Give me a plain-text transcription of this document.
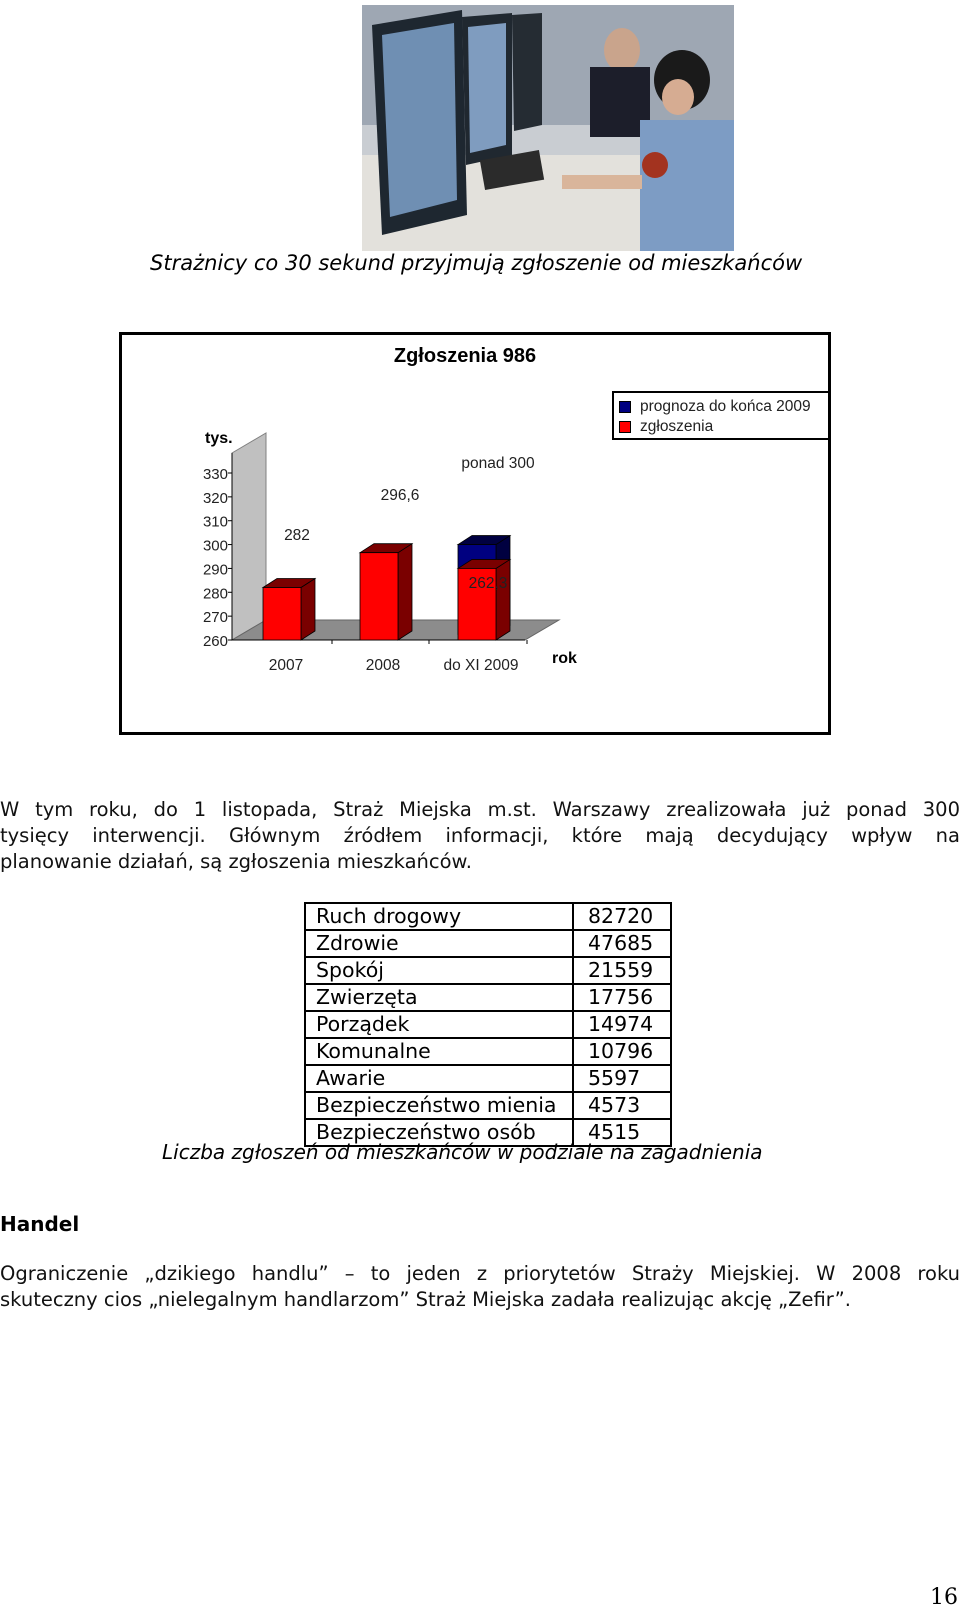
Strażnicy co 30 sekund przyjmują zgłoszenie od mieszkańców
260
270
280
290
300
310
320
330
tys.
Zgłoszenia 986
rok
2007	2008	do XI 2009
282
296,6
ponad 300
262,3
prognoza do końca 2009
zgłoszenia
W tym roku, do 1 listopada, Straż Miejska m.st. Warszawy zrealizowała już ponad 300
tysięcy interwencji. Głównym źródłem informacji, które mają decydujący wpływ na
planowanie działań, są zgłoszenia mieszkańców.
Ruch drogowy	82720
Zdrowie	47685
Spokój	21559
Zwierzęta	17756
Porządek	14974
Komunalne	10796
Awarie	5597
Bezpieczeństwo mienia	4573
Bezpieczeństwo osób	4515
Liczba zgłoszeń od mieszkańców w podziale na zagadnienia
Handel
Ograniczenie „dzikiego handlu” – to jeden z priorytetów Straży Miejskiej. W 2008 roku
skuteczny cios „nielegalnym handlarzom” Straż Miejska zadała realizując akcję „Zefir”.
16
